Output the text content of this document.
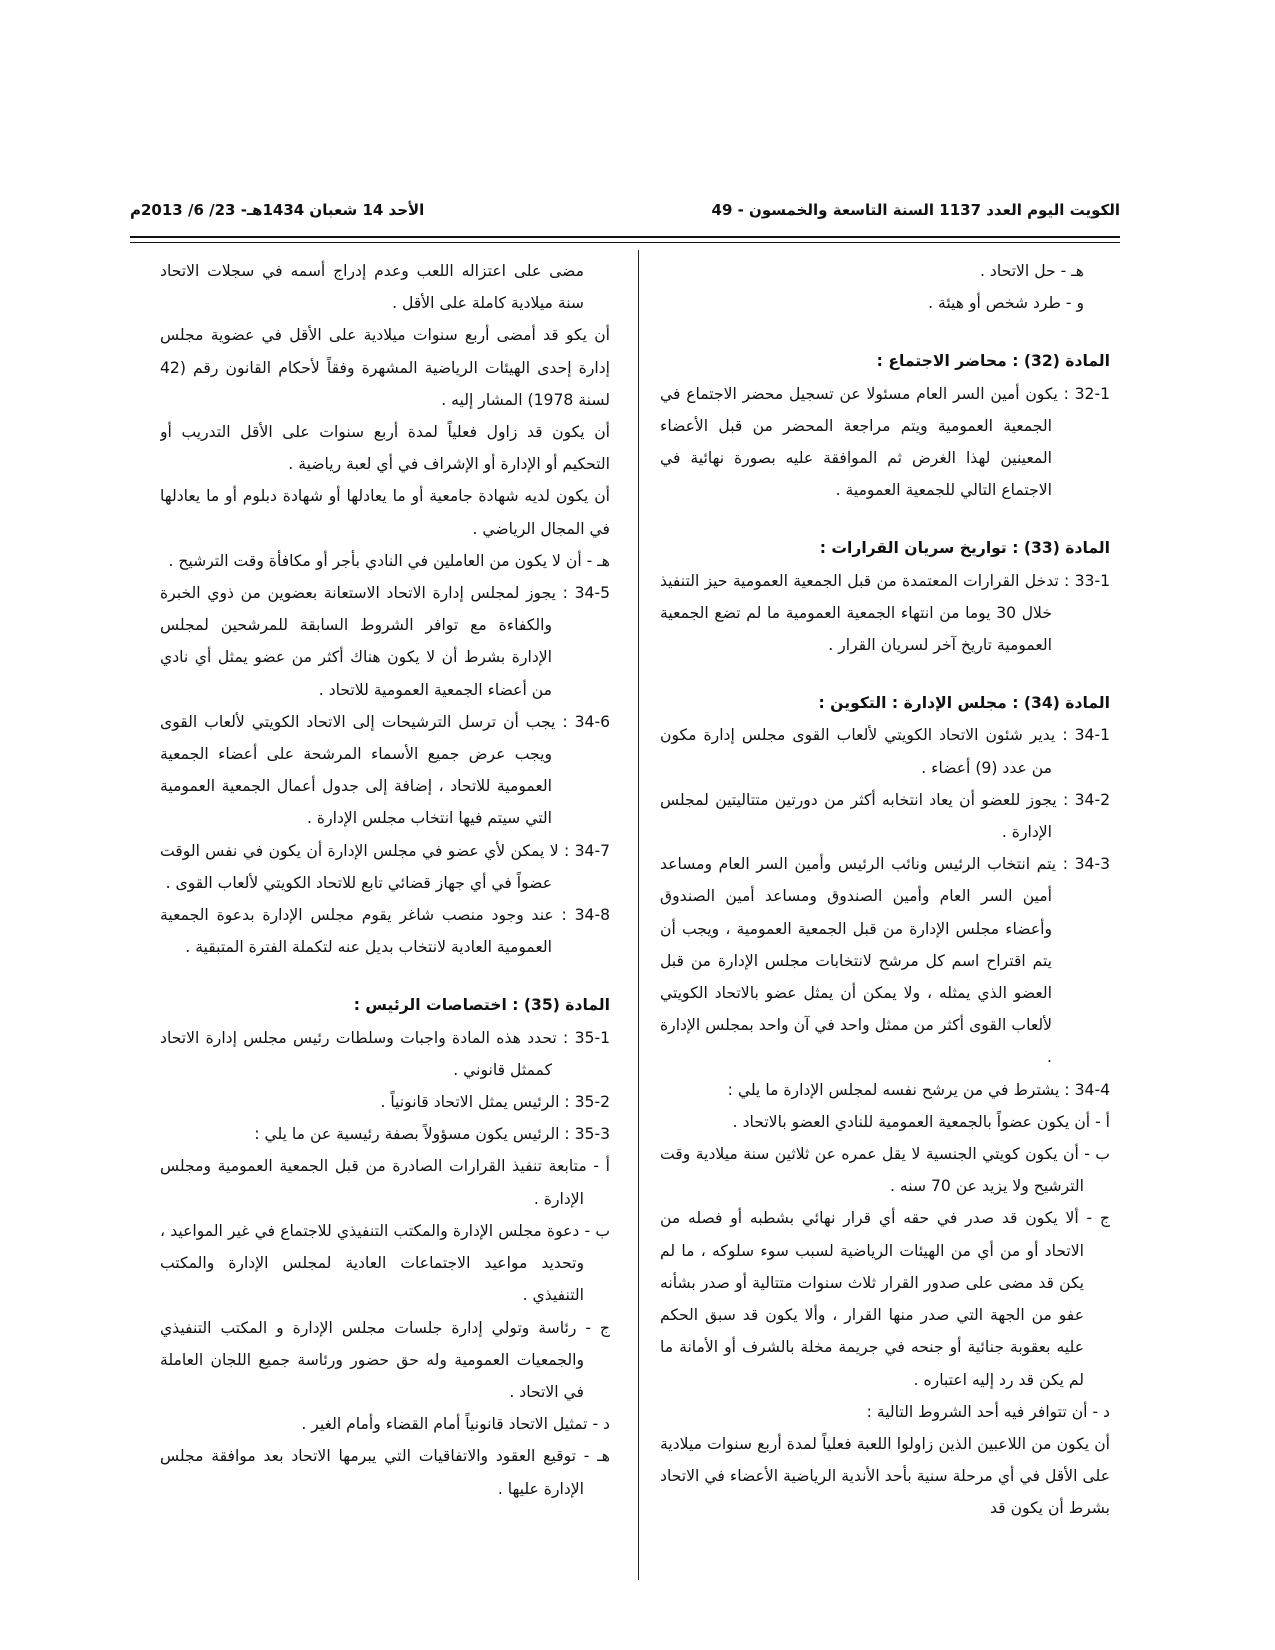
الأحد 14 شعبان 1434هـ- 23/ 6/ 2013م	الكويت اليوم العدد 1137 السنة التاسعة والخمسون - 49

هـ - حل الاتحاد .

و - طرد شخص أو هيئة .

المادة (32) : محاضر الاجتماع :

32-1 : يكون أمين السر العام مسئولا عن تسجيل محضر الاجتماع في الجمعية العمومية ويتم مراجعة المحضر من قبل الأعضاء المعينين لهذا الغرض ثم الموافقة عليه بصورة نهائية في الاجتماع التالي للجمعية العمومية .

المادة (33) : تواريخ سريان القرارات :

33-1 : تدخل القرارات المعتمدة من قبل الجمعية العمومية حيز التنفيذ خلال 30 يوما من انتهاء الجمعية العمومية ما لم تضع الجمعية العمومية تاريخ آخر لسريان القرار .

المادة (34) : مجلس الإدارة : التكوين :

34-1 : يدير شئون الاتحاد الكويتي لألعاب القوى مجلس إدارة مكون من عدد (9) أعضاء .

34-2 : يجوز للعضو أن يعاد انتخابه أكثر من دورتين متتاليتين لمجلس الإدارة .

34-3 : يتم انتخاب الرئيس ونائب الرئيس وأمين السر العام ومساعد أمين السر العام وأمين الصندوق ومساعد أمين الصندوق وأعضاء مجلس الإدارة من قبل الجمعية العمومية ، ويجب أن يتم اقتراح اسم كل مرشح لانتخابات مجلس الإدارة من قبل العضو الذي يمثله ، ولا يمكن أن يمثل عضو بالاتحاد الكويتي لألعاب القوى أكثر من ممثل واحد في آن واحد بمجلس الإدارة .

34-4 : يشترط في من يرشح نفسه لمجلس الإدارة ما يلي :

أ - أن يكون عضواً بالجمعية العمومية للنادي العضو بالاتحاد .

ب - أن يكون كويتي الجنسية لا يقل عمره عن ثلاثين سنة ميلادية وقت الترشيح ولا يزيد عن 70 سنه .

ج - ألا يكون قد صدر في حقه أي قرار نهائي بشطبه أو فصله من الاتحاد أو من أي من الهيئات الرياضية لسبب سوء سلوكه ، ما لم يكن قد مضى على صدور القرار ثلاث سنوات متتالية أو صدر بشأنه عفو من الجهة التي صدر منها القرار ، وألا يكون قد سبق الحكم عليه بعقوبة جنائية أو جنحه في جريمة مخلة بالشرف أو الأمانة ما لم يكن قد رد إليه اعتباره .

د - أن تتوافر فيه أحد الشروط التالية :

أن يكون من اللاعبين الذين زاولوا اللعبة فعلياً لمدة أربع سنوات ميلادية على الأقل في أي مرحلة سنية بأحد الأندية الرياضية الأعضاء في الاتحاد بشرط أن يكون قد

مضى على اعتزاله اللعب وعدم إدراج أسمه في سجلات الاتحاد سنة ميلادية كاملة على الأقل .

أن يكو قد أمضى أربع سنوات ميلادية على الأقل في عضوية مجلس إدارة إحدى الهيئات الرياضية المشهرة وفقاً لأحكام القانون رقم (42 لسنة 1978) المشار إليه .

أن يكون قد زاول فعلياً لمدة أربع سنوات على الأقل التدريب أو التحكيم أو الإدارة أو الإشراف في أي لعبة رياضية .

أن يكون لديه شهادة جامعية أو ما يعادلها أو شهادة دبلوم أو ما يعادلها في المجال الرياضي .

هـ - أن لا يكون من العاملين في النادي بأجر أو مكافأة وقت الترشيح .

34-5 : يجوز لمجلس إدارة الاتحاد الاستعانة بعضوين من ذوي الخبرة والكفاءة مع توافر الشروط السابقة للمرشحين لمجلس الإدارة بشرط أن لا يكون هناك أكثر من عضو يمثل أي نادي من أعضاء الجمعية العمومية للاتحاد .

34-6 : يجب أن ترسل الترشيحات إلى الاتحاد الكويتي لألعاب القوى ويجب عرض جميع الأسماء المرشحة على أعضاء الجمعية العمومية للاتحاد ، إضافة إلى جدول أعمال الجمعية العمومية التي سيتم فيها انتخاب مجلس الإدارة .

34-7 : لا يمكن لأي عضو في مجلس الإدارة أن يكون في نفس الوقت عضواً في أي جهاز قضائي تابع للاتحاد الكويتي لألعاب القوى .

34-8 : عند وجود منصب شاغر يقوم مجلس الإدارة بدعوة الجمعية العمومية العادية لانتخاب بديل عنه لتكملة الفترة المتبقية .

المادة (35) : اختصاصات الرئيس :

35-1 : تحدد هذه المادة واجبات وسلطات رئيس مجلس إدارة الاتحاد كممثل قانوني .

35-2 : الرئيس يمثل الاتحاد قانونياً .

35-3 : الرئيس يكون مسؤولاً بصفة رئيسية عن ما يلي :

أ - متابعة تنفيذ القرارات الصادرة من قبل الجمعية العمومية ومجلس الإدارة .

ب - دعوة مجلس الإدارة والمكتب التنفيذي للاجتماع في غير المواعيد ، وتحديد مواعيد الاجتماعات العادية لمجلس الإدارة والمكتب التنفيذي .

ج - رئاسة وتولي إدارة جلسات مجلس الإدارة و المكتب التنفيذي والجمعيات العمومية وله حق حضور ورئاسة جميع اللجان العاملة في الاتحاد .

د - تمثيل الاتحاد قانونياً أمام القضاء وأمام الغير .

هـ - توقيع العقود والاتفاقيات التي يبرمها الاتحاد بعد موافقة مجلس الإدارة عليها .
